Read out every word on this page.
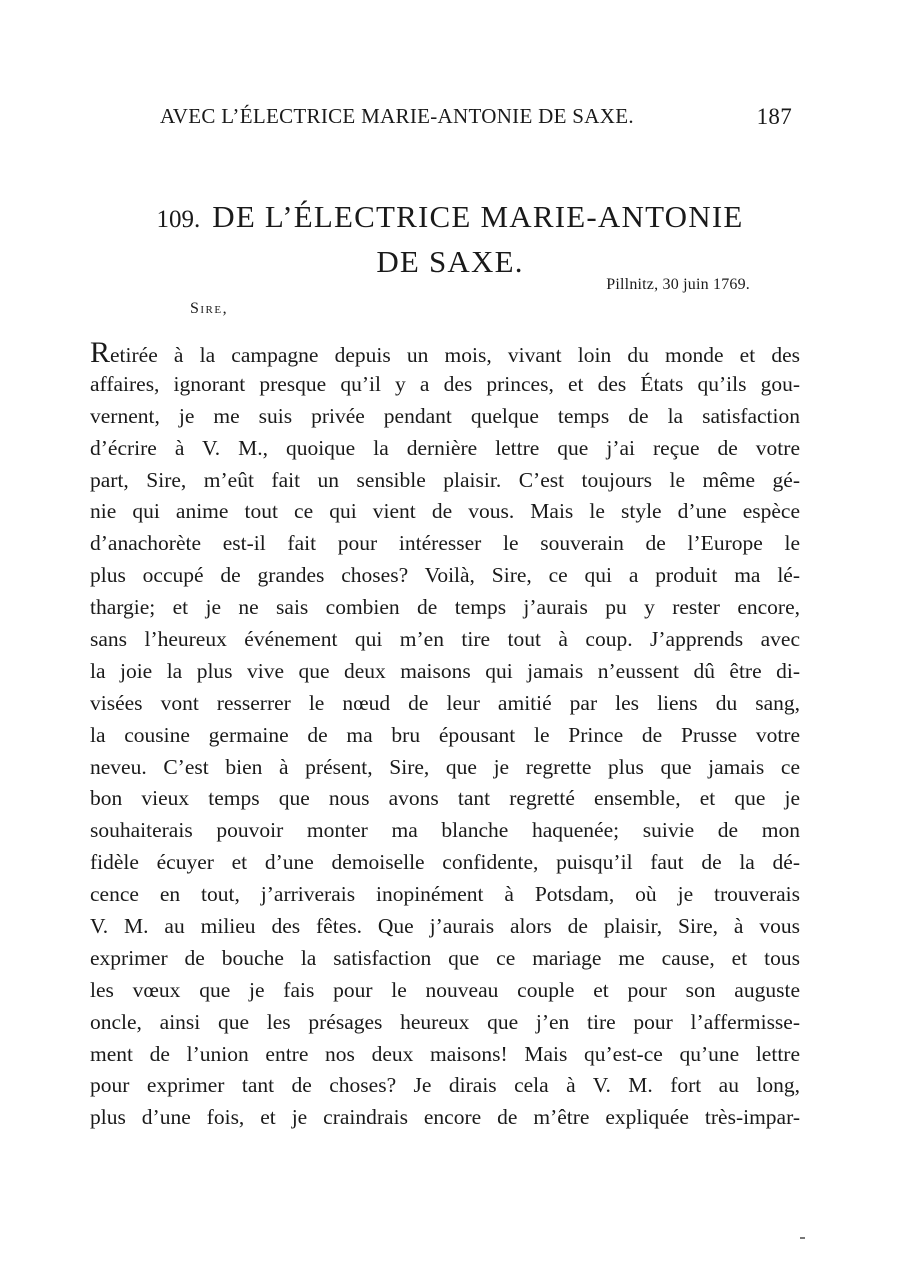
AVEC L’ÉLECTRICE MARIE-ANTONIE DE SAXE.	187
109. DE L’ÉLECTRICE MARIE-ANTONIE
DE SAXE.
Pillnitz, 30 juin 1769.
Sire,
Retirée à la campagne depuis un mois, vivant loin du monde et des
affaires, ignorant presque qu’il y a des princes, et des États qu’ils gou-
vernent, je me suis privée pendant quelque temps de la satisfaction
d’écrire à V. M., quoique la dernière lettre que j’ai reçue de votre
part, Sire, m’eût fait un sensible plaisir. C’est toujours le même gé-
nie qui anime tout ce qui vient de vous. Mais le style d’une espèce
d’anachorète est-il fait pour intéresser le souverain de l’Europe le
plus occupé de grandes choses? Voilà, Sire, ce qui a produit ma lé-
thargie; et je ne sais combien de temps j’aurais pu y rester encore,
sans l’heureux événement qui m’en tire tout à coup. J’apprends avec
la joie la plus vive que deux maisons qui jamais n’eussent dû être di-
visées vont resserrer le nœud de leur amitié par les liens du sang,
la cousine germaine de ma bru épousant le Prince de Prusse votre
neveu. C’est bien à présent, Sire, que je regrette plus que jamais ce
bon vieux temps que nous avons tant regretté ensemble, et que je
souhaiterais pouvoir monter ma blanche haquenée; suivie de mon
fidèle écuyer et d’une demoiselle confidente, puisqu’il faut de la dé-
cence en tout, j’arriverais inopinément à Potsdam, où je trouverais
V. M. au milieu des fêtes. Que j’aurais alors de plaisir, Sire, à vous
exprimer de bouche la satisfaction que ce mariage me cause, et tous
les vœux que je fais pour le nouveau couple et pour son auguste
oncle, ainsi que les présages heureux que j’en tire pour l’affermisse-
ment de l’union entre nos deux maisons! Mais qu’est-ce qu’une lettre
pour exprimer tant de choses? Je dirais cela à V. M. fort au long,
plus d’une fois, et je craindrais encore de m’être expliquée très-impar-
